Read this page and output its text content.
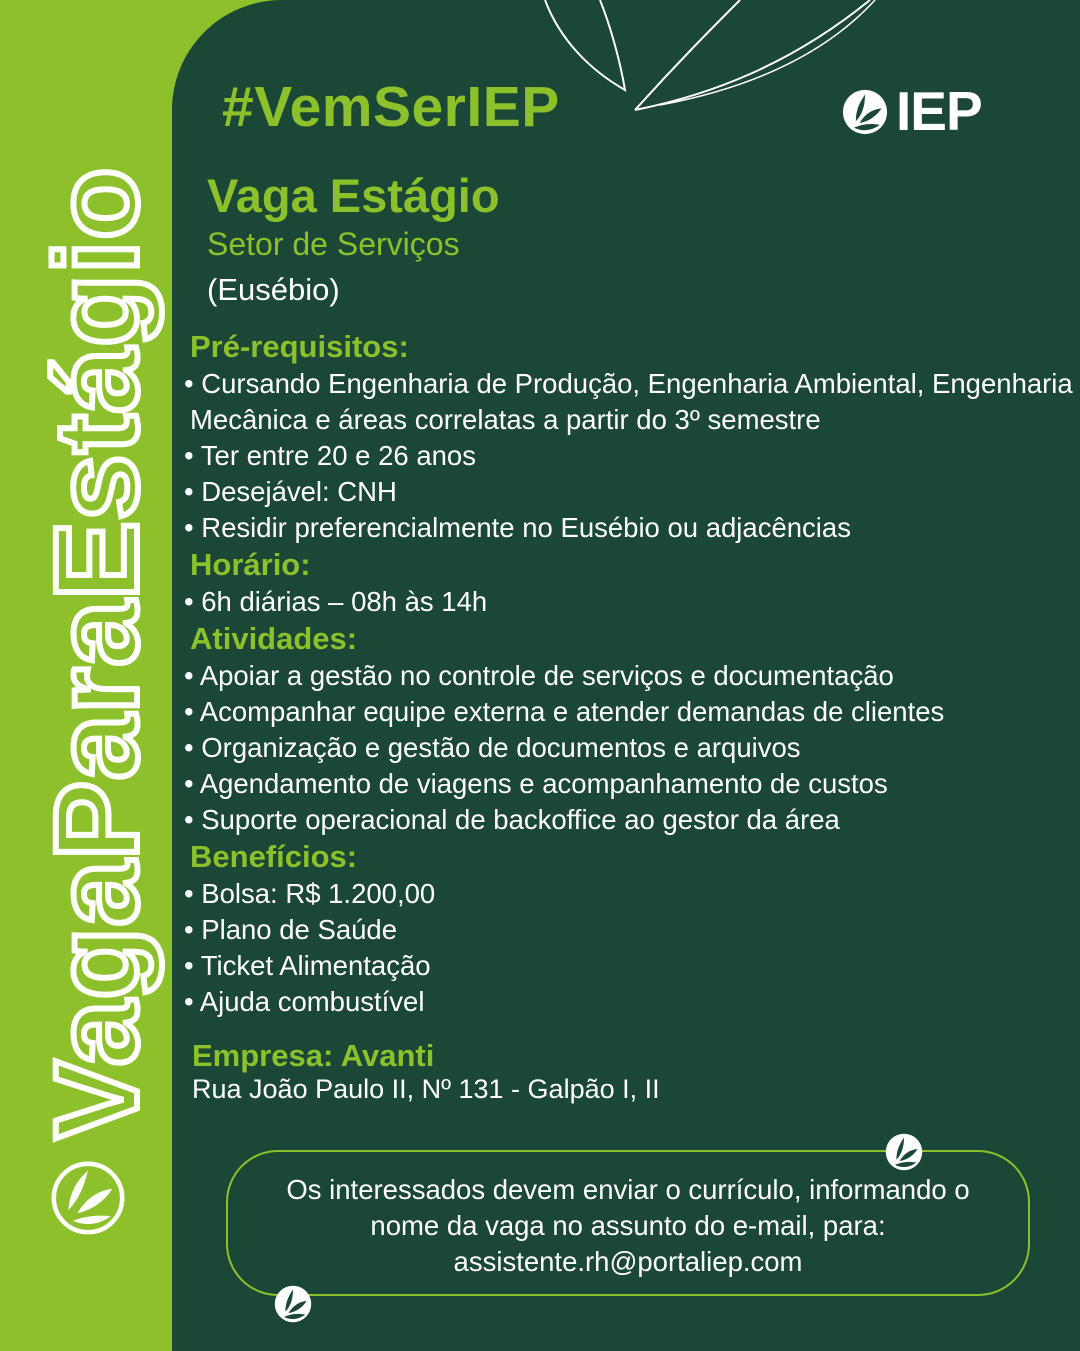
VagaParaEstágio
#VemSerIEP	IEP
Vaga Estágio
Setor de Serviços
(Eusébio)
Pré-requisitos:
• Cursando Engenharia de Produção, Engenharia Ambiental, Engenharia Mecânica e áreas correlatas a partir do 3º semestre
• Ter entre 20 e 26 anos
• Desejável: CNH
• Residir preferencialmente no Eusébio ou adjacências
Horário:
• 6h diárias – 08h às 14h
Atividades:
• Apoiar a gestão no controle de serviços e documentação
• Acompanhar equipe externa e atender demandas de clientes
• Organização e gestão de documentos e arquivos
• Agendamento de viagens e acompanhamento de custos
• Suporte operacional de backoffice ao gestor da área
Benefícios:
• Bolsa: R$ 1.200,00
• Plano de Saúde
• Ticket Alimentação
• Ajuda combustível
Empresa: Avanti
Rua João Paulo II, Nº 131 - Galpão I, II
Os interessados devem enviar o currículo, informando o
nome da vaga no assunto do e-mail, para:
assistente.rh@portaliep.com
